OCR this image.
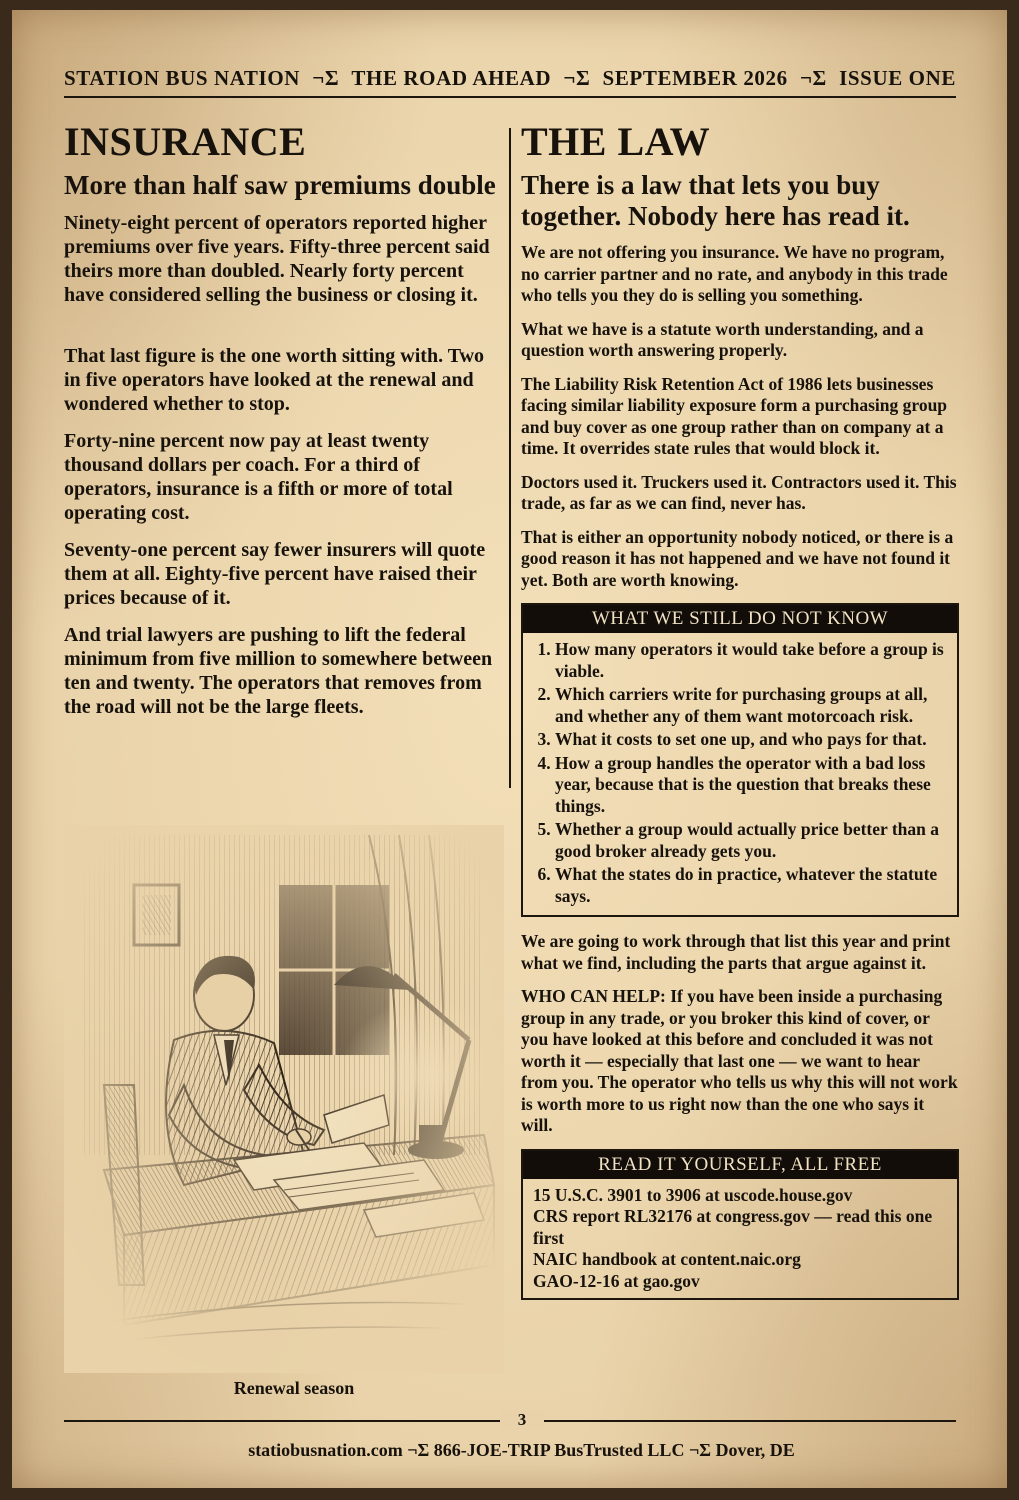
STATION BUS NATION ¬Σ THE ROAD AHEAD ¬Σ SEPTEMBER 2026 ¬Σ ISSUE ONE
INSURANCE
More than half saw premiums double

Ninety-eight percent of operators reported higher premiums over five years. Fifty-three percent said theirs more than doubled. Nearly forty percent have considered selling the business or closing it.

That last figure is the one worth sitting with. Two in five operators have looked at the renewal and wondered whether to stop.

Forty-nine percent now pay at least twenty thousand dollars per coach. For a third of operators, insurance is a fifth or more of total operating cost.

Seventy-one percent say fewer insurers will quote them at all. Eighty-five percent have raised their prices because of it.

And trial lawyers are pushing to lift the federal minimum from five million to somewhere between ten and twenty. The operators that removes from the road will not be the large fleets.

Renewal season
THE LAW
There is a law that lets you buy together. Nobody here has read it.

We are not offering you insurance. We have no program, no carrier partner and no rate, and anybody in this trade who tells you they do is selling you something.

What we have is a statute worth understanding, and a question worth answering properly.

The Liability Risk Retention Act of 1986 lets businesses facing similar liability exposure form a purchasing group and buy cover as one group rather than on company at a time. It overrides state rules that would block it.

Doctors used it. Truckers used it. Contractors used it. This trade, as far as we can find, never has.

That is either an opportunity nobody noticed, or there is a good reason it has not happened and we have not found it yet. Both are worth knowing.

WHAT WE STILL DO NOT KNOW
1. How many operators it would take before a group is viable.
2. Which carriers write for purchasing groups at all, and whether any of them want motorcoach risk.
3. What it costs to set one up, and who pays for that.
4. How a group handles the operator with a bad loss year, because that is the question that breaks these things.
5. Whether a group would actually price better than a good broker already gets you.
6. What the states do in practice, whatever the statute says.

We are going to work through that list this year and print what we find, including the parts that argue against it.

WHO CAN HELP: If you have been inside a purchasing group in any trade, or you broker this kind of cover, or you have looked at this before and concluded it was not worth it — especially that last one — we want to hear from you. The operator who tells us why this will not work is worth more to us right now than the one who says it will.

READ IT YOURSELF, ALL FREE
15 U.S.C. 3901 to 3906 at uscode.house.gov
CRS report RL32176 at congress.gov — read this one first
NAIC handbook at content.naic.org
GAO-12-16 at gao.gov
3
statiobusnation.com ¬Σ 866-JOE-TRIP BusTrusted LLC ¬Σ Dover, DE
